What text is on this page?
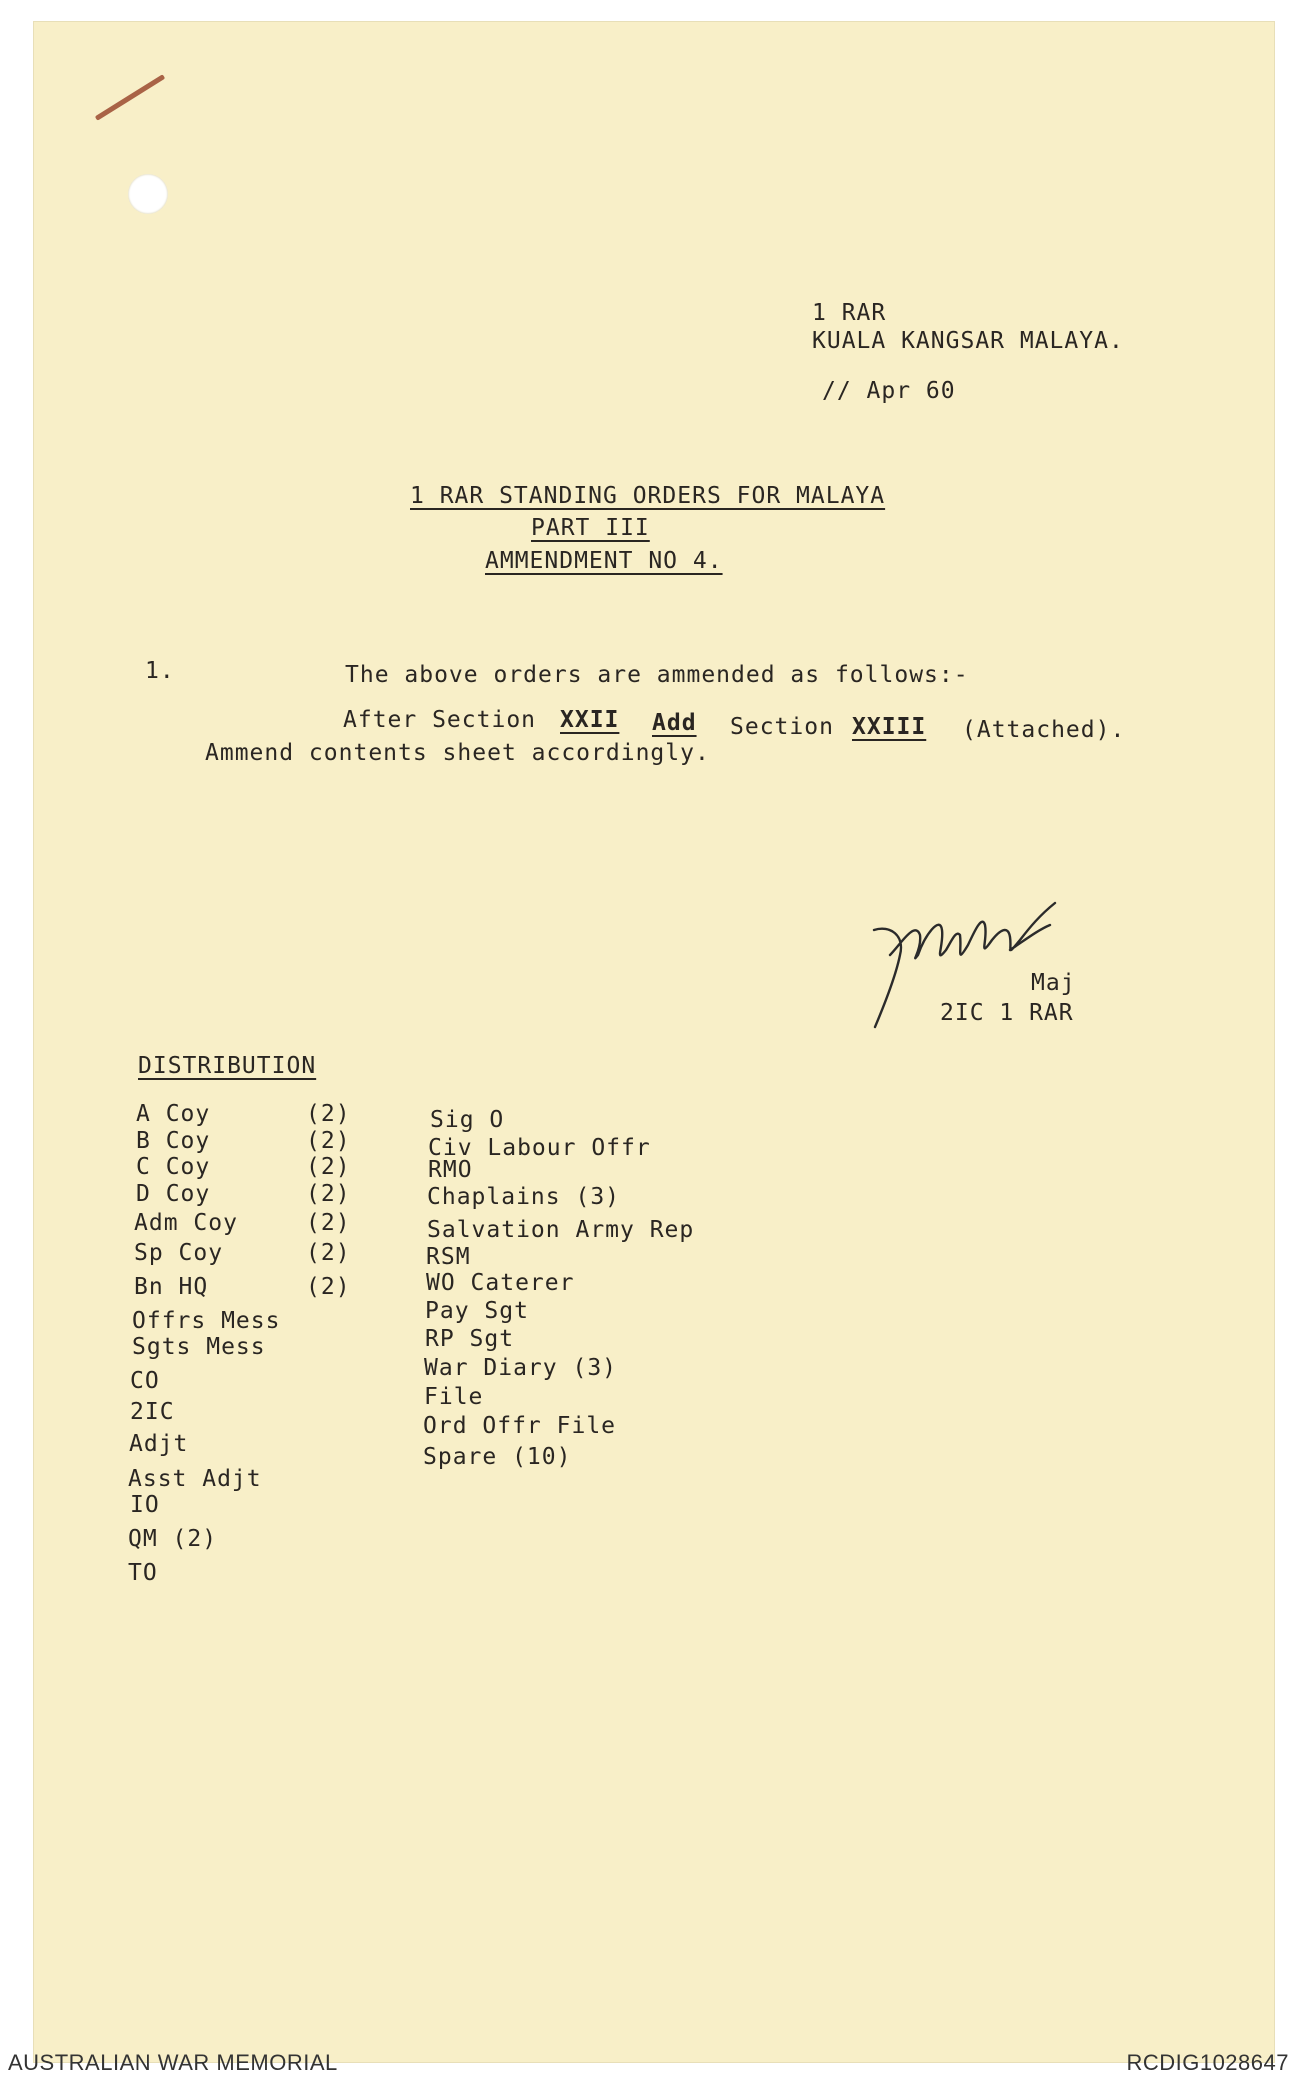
1 RAR
KUALA KANGSAR MALAYA.
// Apr 60
1 RAR STANDING ORDERS FOR MALAYA
PART III
AMMENDMENT NO 4.
1.	The above orders are ammended as follows:-
After Section XXII Add Section XXIII (Attached).
Ammend contents sheet accordingly.
Maj
2IC 1 RAR
DISTRIBUTION
A Coy	(2)
B Coy	(2)
C Coy	(2)
D Coy	(2)
Adm Coy	(2)
Sp Coy	(2)
Bn HQ	(2)
Offrs Mess
Sgts Mess
CO
2IC
Adjt
Asst Adjt
IO
QM (2)
TO
Sig O
Civ Labour Offr
RMO
Chaplains (3)
Salvation Army Rep
RSM
WO Caterer
Pay Sgt
RP Sgt
War Diary (3)
File
Ord Offr File
Spare (10)
AUSTRALIAN WAR MEMORIAL	RCDIG1028647
